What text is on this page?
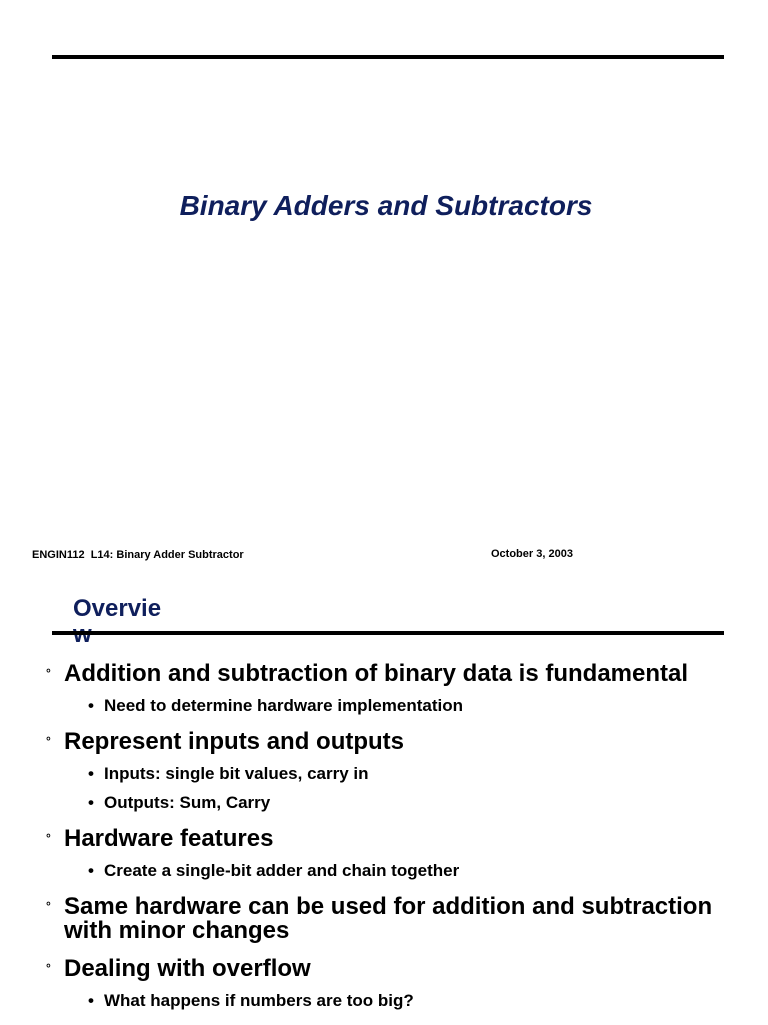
Binary Adders and Subtractors
ENGIN112  L14: Binary Adder Subtractor	October 3, 2003
Overvie
° Addition and subtraction of binary data is fundamental
• Need to determine hardware implementation
° Represent inputs and outputs
• Inputs: single bit values, carry in
• Outputs: Sum, Carry
° Hardware features
• Create a single-bit adder and chain together
° Same hardware can be used for addition and subtraction with minor changes
° Dealing with overflow
• What happens if numbers are too big?
